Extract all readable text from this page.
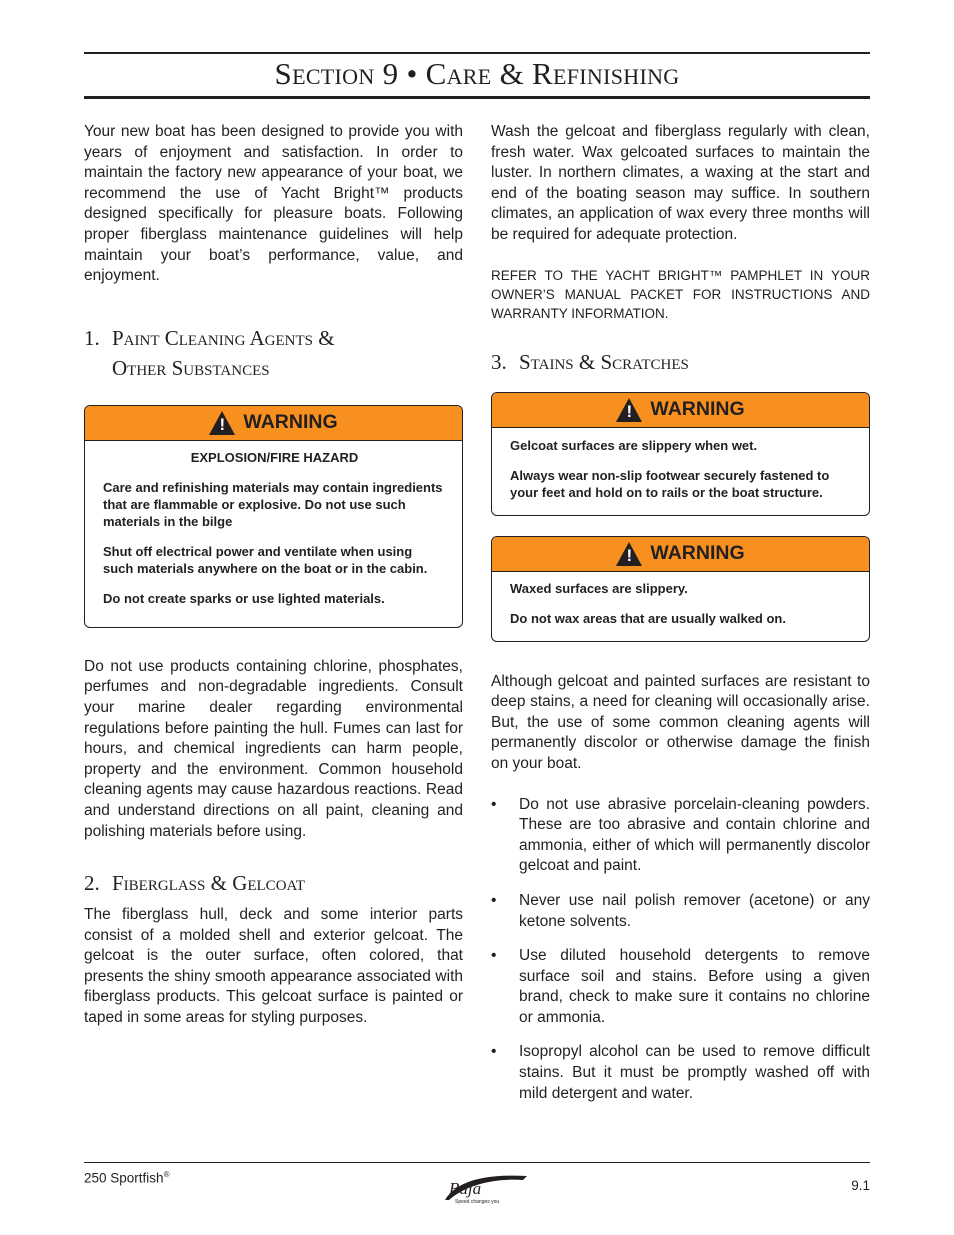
Section 9 • Care & Refinishing

Your new boat has been designed to provide you with years of enjoyment and satisfaction. In order to maintain the factory new appearance of your boat, we recommend the use of Yacht Bright™ products designed specifically for pleasure boats. Following proper fiberglass maintenance guidelines will help maintain your boat’s performance, value, and enjoyment.

1. Paint Cleaning Agents &
Other Substances
! WARNING

EXPLOSION/FIRE HAZARD

Care and refinishing materials may contain ingredients that are flammable or explosive. Do not use such materials in the bilge

Shut off electrical power and ventilate when using such materials anywhere on the boat or in the cabin.

Do not create sparks or use lighted materials.

Do not use products containing chlorine, phosphates, perfumes and non-degradable ingredients. Consult your marine dealer regarding environmental regulations before painting the hull. Fumes can last for hours, and chemical ingredients can harm people, property and the environment. Common household cleaning agents may cause hazardous reactions. Read and understand directions on all paint, cleaning and polishing materials before using.

2. Fiberglass & Gelcoat

The fiberglass hull, deck and some interior parts consist of a molded shell and exterior gelcoat. The gelcoat is the outer surface, often colored, that presents the shiny smooth appearance associated with fiberglass products. This gelcoat surface is painted or taped in some areas for styling purposes.

Wash the gelcoat and fiberglass regularly with clean, fresh water. Wax gelcoated surfaces to maintain the luster. In northern climates, a waxing at the start and end of the boating season may suffice. In southern climates, an application of wax every three months will be required for adequate protection.

REFER TO THE YACHT BRIGHT™ PAMPHLET IN YOUR OWNER’S MANUAL PACKET FOR INSTRUCTIONS AND WARRANTY INFORMATION.

3. Stains & Scratches
! WARNING

Gelcoat surfaces are slippery when wet.

Always wear non-slip footwear securely fastened to your feet and hold on to rails or the boat structure.

! WARNING

Waxed surfaces are slippery.

Do not wax areas that are usually walked on.

Although gelcoat and painted surfaces are resistant to deep stains, a need for cleaning will occasionally arise. But, the use of some common cleaning agents will permanently discolor or otherwise damage the finish on your boat.

• Do not use abrasive porcelain-cleaning powders. These are too abrasive and contain chlorine and ammonia, either of which will permanently discolor gelcoat and paint.
• Never use nail polish remover (acetone) or any ketone solvents.
• Use diluted household detergents to remove surface soil and stains. Before using a given brand, check to make sure it contains no chlorine or ammonia.
• Isopropyl alcohol can be used to remove difficult stains. But it must be promptly washed off with mild detergent and water.
250 Sportfish®
Baja
Speed changes you
9.1
